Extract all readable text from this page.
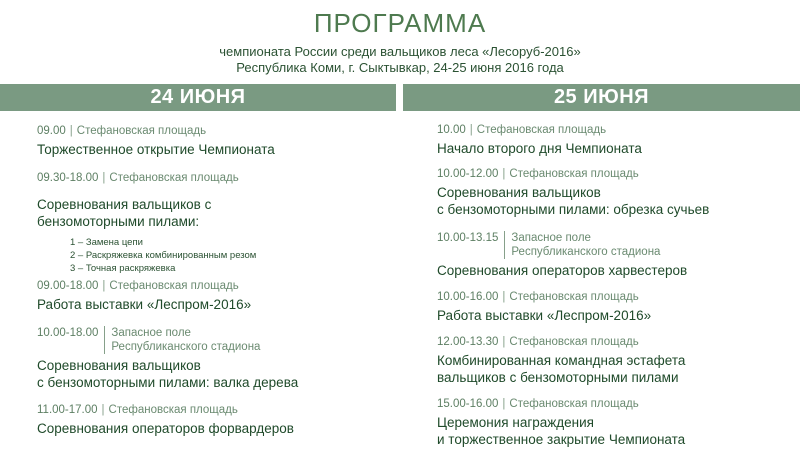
ПРОГРАММА
чемпионата России среди вальщиков леса «Лесоруб-2016»
Республика Коми, г. Сыктывкар, 24-25 июня 2016 года
24 ИЮНЯ	25 ИЮНЯ
09.00 | Стефановская площадь
Торжественное открытие Чемпионата
09.30-18.00 | Стефановская площадь
Соревнования вальщиков с
бензомоторными пилами:
1 – Замена цепи
2 – Раскряжевка комбинированным резом
3 – Точная раскряжевка
09.00-18.00 | Стефановская площадь
Работа выставки «Леспром-2016»
10.00-18.00 Запасное поле
Республиканского стадиона
Соревнования вальщиков
с бензомоторными пилами: валка дерева
11.00-17.00 | Стефановская площадь
Соревнования операторов форвардеров
10.00 | Стефановская площадь
Начало второго дня Чемпионата
10.00-12.00 | Стефановская площадь
Соревнования вальщиков
с бензомоторными пилами: обрезка сучьев
10.00-13.15 Запасное поле
Республиканского стадиона
Соревнования операторов харвестеров
10.00-16.00 | Стефановская площадь
Работа выставки «Леспром-2016»
12.00-13.30 | Стефановская площадь
Комбинированная командная эстафета
вальщиков с бензомоторными пилами
15.00-16.00 | Стефановская площадь
Церемония награждения
и торжественное закрытие Чемпионата
